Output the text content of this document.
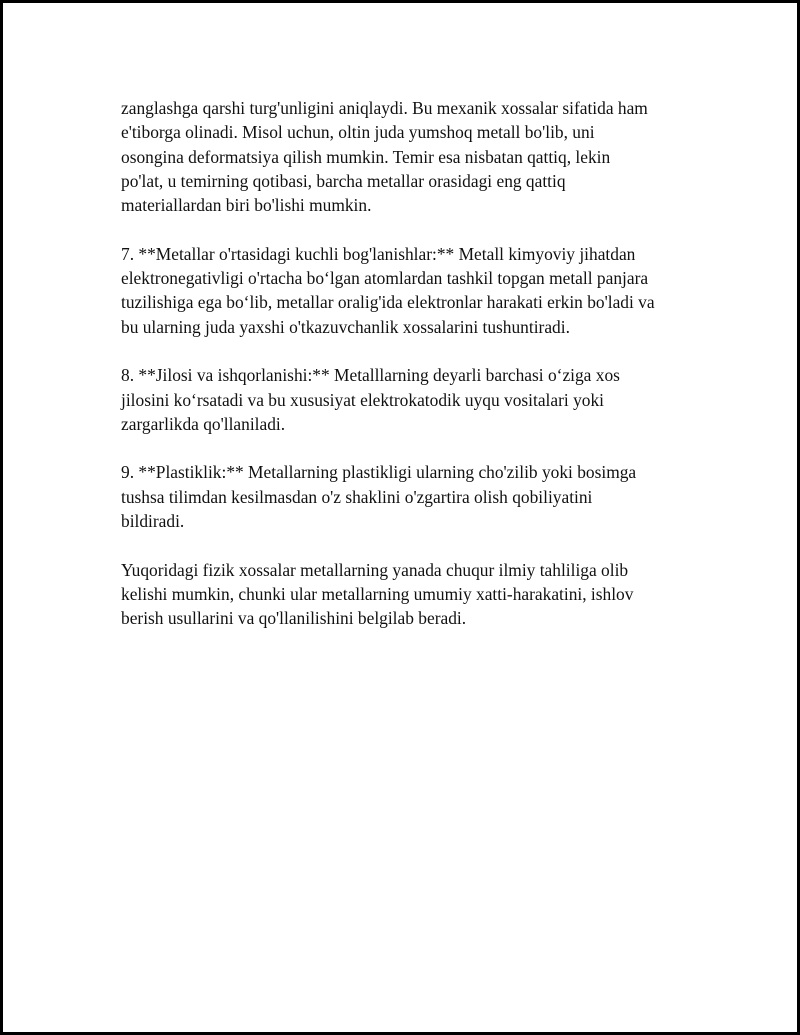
zanglashga qarshi turg'unligini aniqlaydi. Bu mexanik xossalar sifatida ham
e'tiborga olinadi. Misol uchun, oltin juda yumshoq metall bo'lib, uni
osongina deformatsiya qilish mumkin. Temir esa nisbatan qattiq, lekin
po'lat, u temirning qotibasi, barcha metallar orasidagi eng qattiq
materiallardan biri bo'lishi mumkin.
7. **Metallar o'rtasidagi kuchli bog'lanishlar:** Metall kimyoviy jihatdan
elektronegativligi o'rtacha bo‘lgan atomlardan tashkil topgan metall panjara
tuzilishiga ega bo‘lib, metallar oralig'ida elektronlar harakati erkin bo'ladi va
bu ularning juda yaxshi o'tkazuvchanlik xossalarini tushuntiradi.
8. **Jilosi va ishqorlanishi:** Metalllarning deyarli barchasi o‘ziga xos
jilosini ko‘rsatadi va bu xususiyat elektrokatodik uyqu vositalari yoki
zargarlikda qo'llaniladi.
9. **Plastiklik:** Metallarning plastikligi ularning cho'zilib yoki bosimga
tushsa tilimdan kesilmasdan o'z shaklini o'zgartira olish qobiliyatini
bildiradi.
Yuqoridagi fizik xossalar metallarning yanada chuqur ilmiy tahliliga olib
kelishi mumkin, chunki ular metallarning umumiy xatti-harakatini, ishlov
berish usullarini va qo'llanilishini belgilab beradi.
